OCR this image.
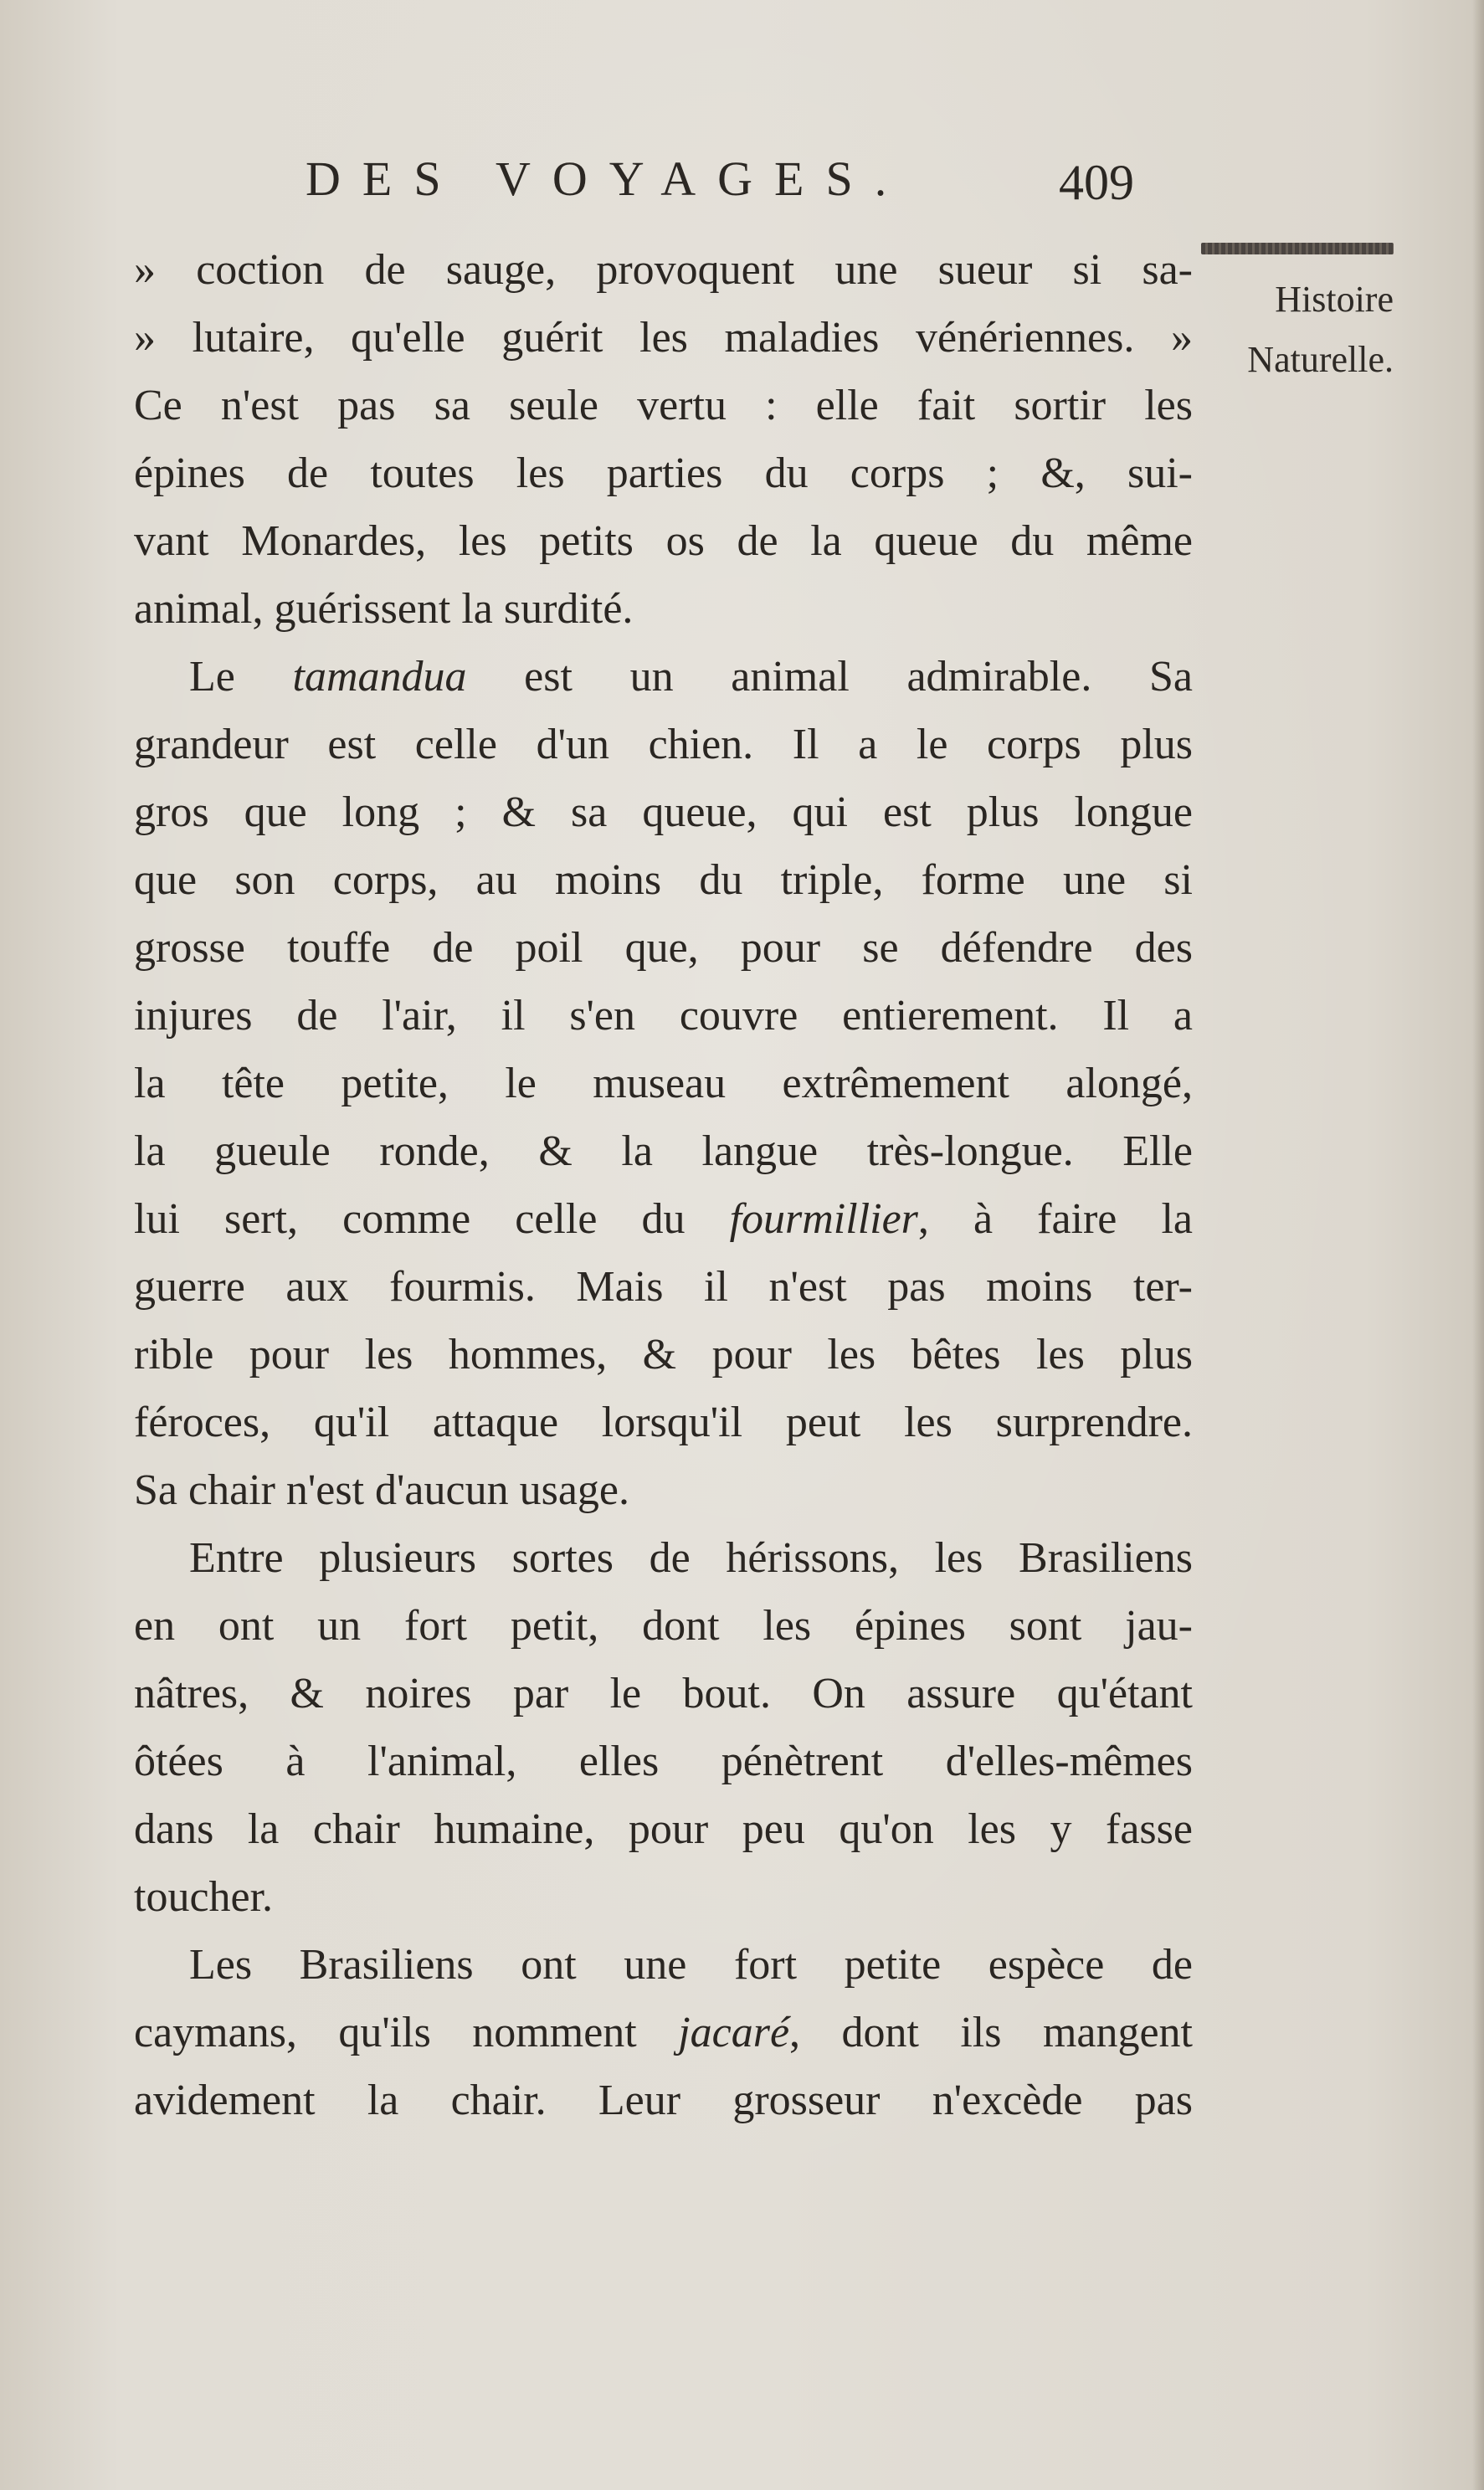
DES VOYAGES.	409
Histoire
Naturelle.
» coction de sauge, provoquent une sueur si sa-
» lutaire, qu'elle guérit les maladies vénériennes. »
Ce n'est pas sa seule vertu : elle fait sortir les
épines de toutes les parties du corps ; &, sui-
vant Monardes, les petits os de la queue du même
animal, guérissent la surdité.
Le tamandua est un animal admirable. Sa
grandeur est celle d'un chien. Il a le corps plus
gros que long ; & sa queue, qui est plus longue
que son corps, au moins du triple, forme une si
grosse touffe de poil que, pour se défendre des
injures de l'air, il s'en couvre entierement. Il a
la tête petite, le museau extrêmement alongé,
la gueule ronde, & la langue très-longue. Elle
lui sert, comme celle du fourmillier, à faire la
guerre aux fourmis. Mais il n'est pas moins ter-
rible pour les hommes, & pour les bêtes les plus
féroces, qu'il attaque lorsqu'il peut les surprendre.
Sa chair n'est d'aucun usage.
Entre plusieurs sortes de hérissons, les Brasiliens
en ont un fort petit, dont les épines sont jau-
nâtres, & noires par le bout. On assure qu'étant
ôtées à l'animal, elles pénètrent d'elles-mêmes
dans la chair humaine, pour peu qu'on les y fasse
toucher.
Les Brasiliens ont une fort petite espèce de
caymans, qu'ils nomment jacaré, dont ils mangent
avidement la chair. Leur grosseur n'excède pas
